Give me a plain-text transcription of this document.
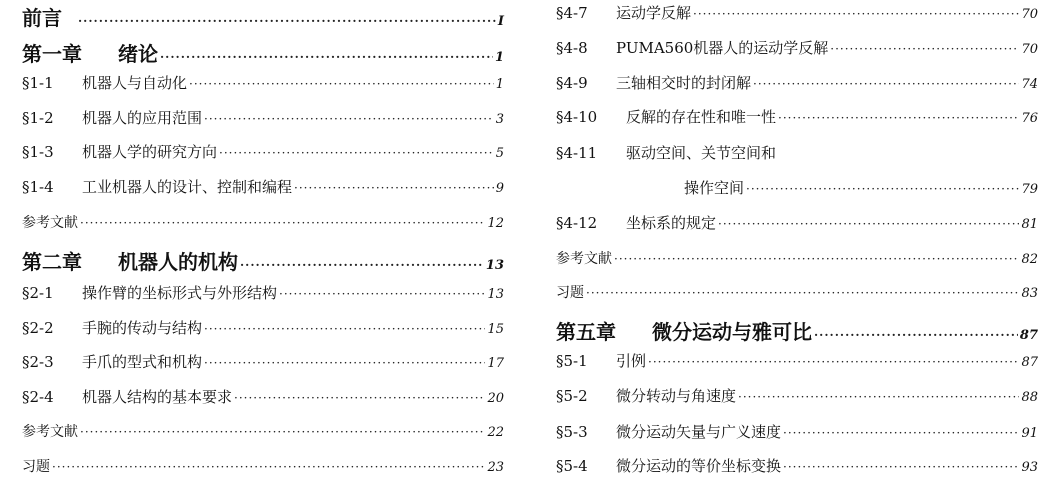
前言 ·····	I
第一章	绪论 ·····	1
§1-1	机器人与自动化 ·····	1
§1-2	机器人的应用范围 ·····	3
§1-3	机器人学的研究方向 ·····	5
§1-4	工业机器人的设计、控制和编程 ·····	9
参考文献 ·····	12
第二章	机器人的机构 ·····	13
§2-1	操作臂的坐标形式与外形结构 ·····	13
§2-2	手腕的传动与结构 ·····	15
§2-3	手爪的型式和机构 ·····	17
§2-4	机器人结构的基本要求 ·····	20
参考文献 ·····	22
习题 ·····	23
§4-7	运动学反解 ·····	70
§4-8	PUMA560机器人的运动学反解 ·····	70
§4-9	三轴相交时的封闭解 ·····	74
§4-10	反解的存在性和唯一性 ·····	76
§4-11	驱动空间、关节空间和
操作空间 ·····	79
§4-12	坐标系的规定 ·····	81
参考文献 ·····	82
习题 ·····	83
第五章	微分运动与雅可比 ·····	87
§5-1	引例 ·····	87
§5-2	微分转动与角速度 ·····	88
§5-3	微分运动矢量与广义速度 ·····	91
§5-4	微分运动的等价坐标变换 ·····	93
